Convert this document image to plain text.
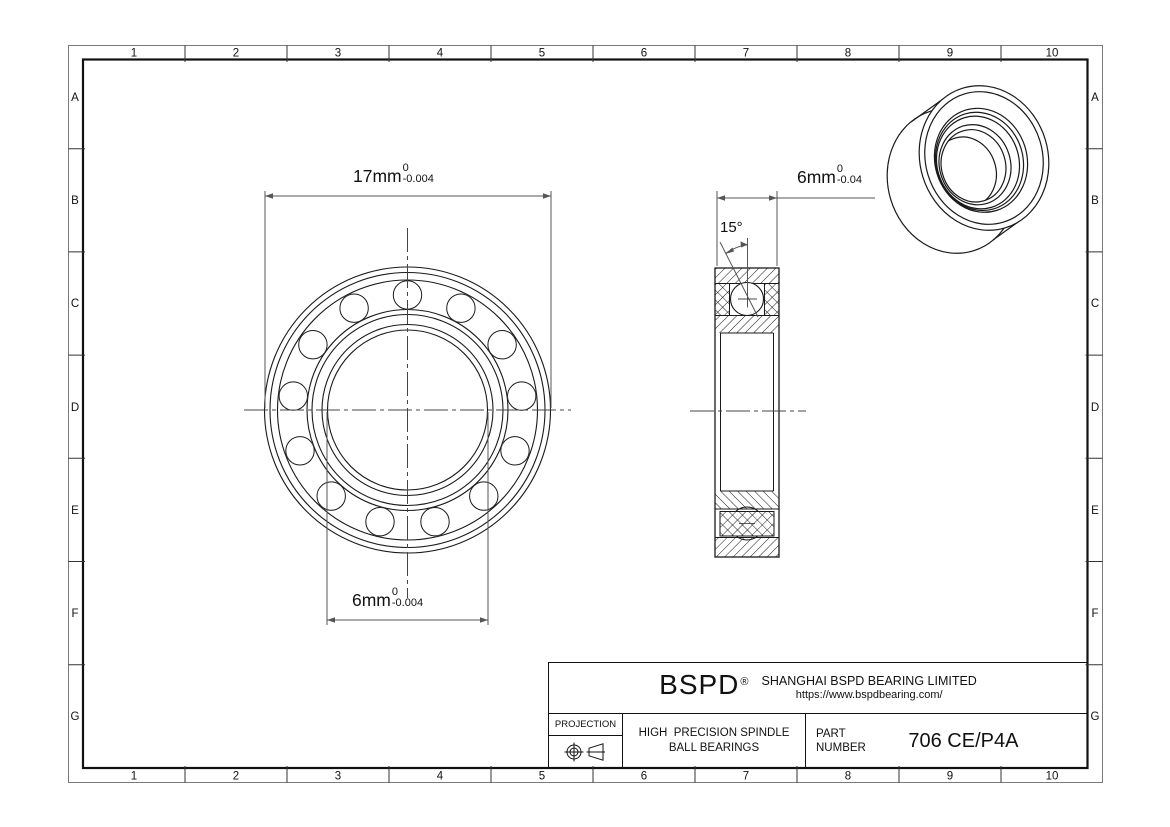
1	2	3	4	5	6	7	8	9	10
1	2	3	4	5	6	7	8	9	10
A
B
C
D
E
F
G
A
B
C
D
E
F
G
17mm 0
-0.004
6mm 0
-0.004
6mm 0
-0.04
15°
BSPD® SHANGHAI BSPD BEARING LIMITED
https://www.bspdbearing.com/
PROJECTION
HIGH  PRECISION SPINDLE
BALL BEARINGS
PART
NUMBER	706 CE/P4A
